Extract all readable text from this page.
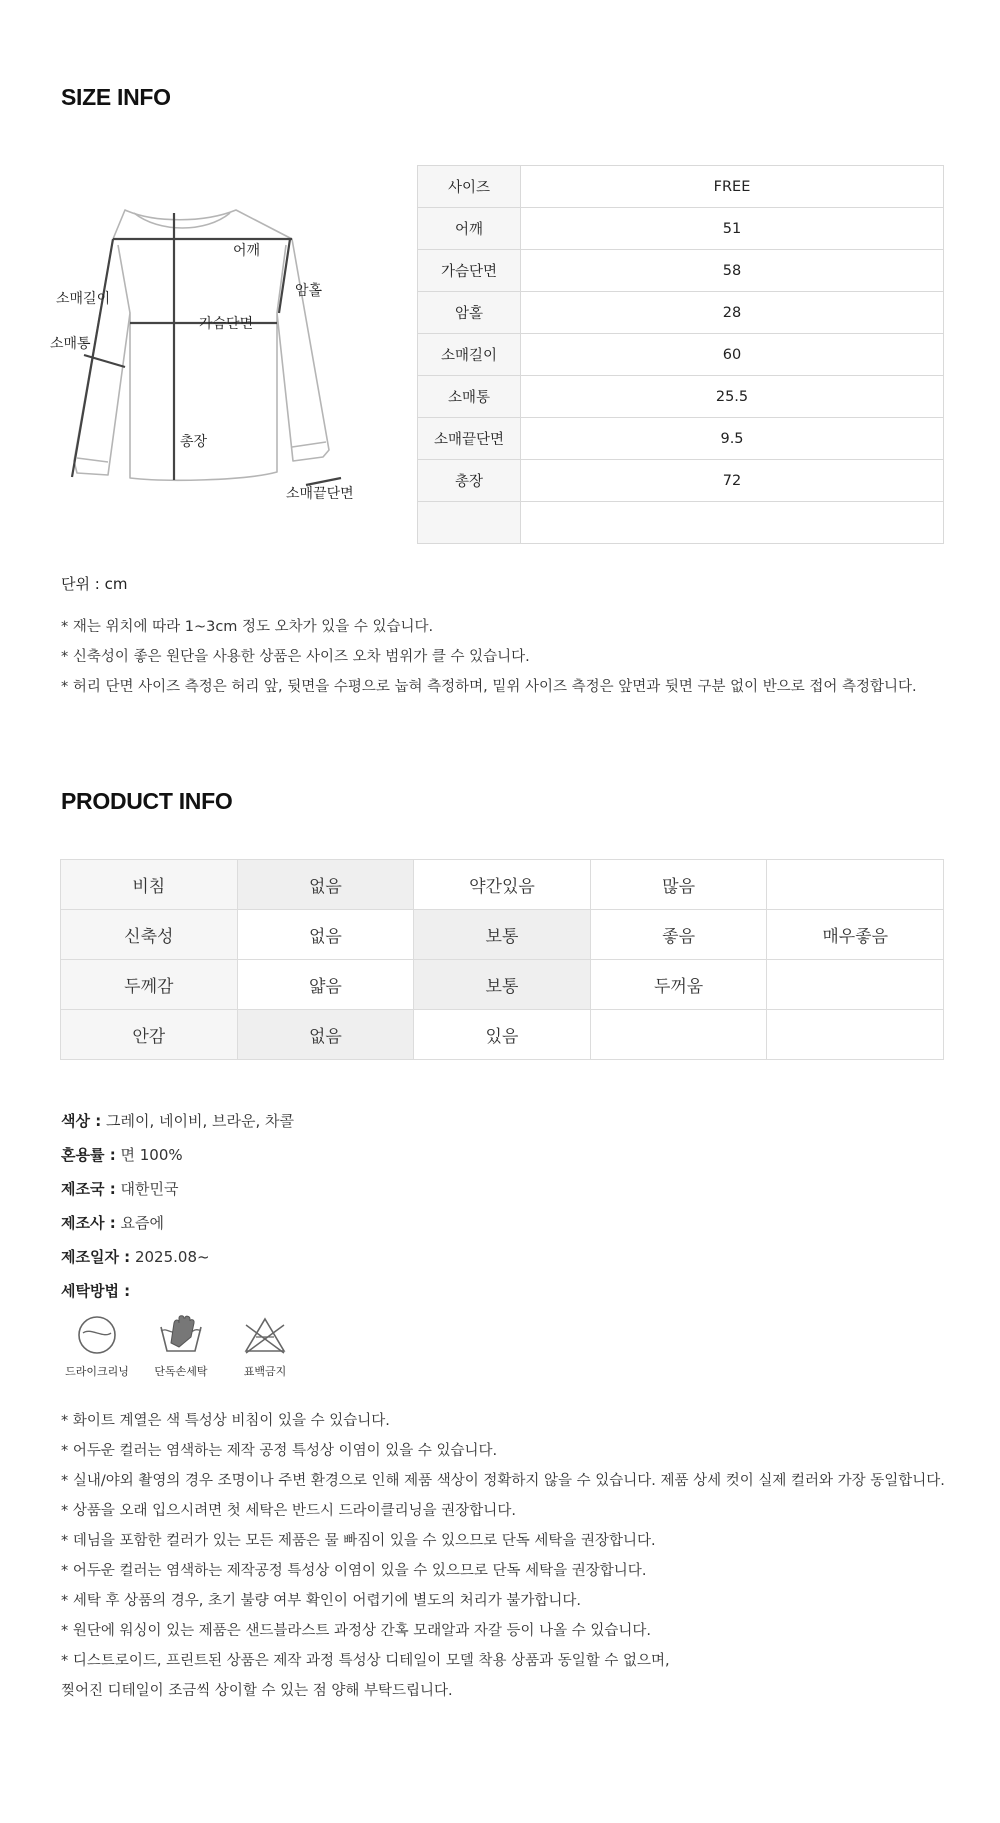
SIZE INFO
어깨
암홀
소매길이
가슴단면
소매통
총장
소매끝단면
사이즈	FREE
어깨	51
가슴단면	58
암홀	28
소매길이	60
소매통	25.5
소매끝단면	9.5
총장	72

단위 : cm
* 재는 위치에 따라 1~3cm 정도 오차가 있을 수 있습니다.
* 신축성이 좋은 원단을 사용한 상품은 사이즈 오차 범위가 클 수 있습니다.
* 허리 단면 사이즈 측정은 허리 앞, 뒷면을 수평으로 눕혀 측정하며, 밑위 사이즈 측정은 앞면과 뒷면 구분 없이 반으로 접어 측정합니다.
PRODUCT INFO
비침	없음	약간있음	많음	
신축성	없음	보통	좋음	매우좋음
두께감	얇음	보통	두꺼움	
안감	없음	있음		
색상 : 그레이, 네이비, 브라운, 차콜
혼용률 : 면 100%
제조국 : 대한민국
제조사 : 요즘에
제조일자 : 2025.08~
세탁방법 :
드라이크리닝	단독손세탁	표백금지
* 화이트 계열은 색 특성상 비침이 있을 수 있습니다.
* 어두운 컬러는 염색하는 제작 공정 특성상 이염이 있을 수 있습니다.
* 실내/야외 촬영의 경우 조명이나 주변 환경으로 인해 제품 색상이 정확하지 않을 수 있습니다. 제품 상세 컷이 실제 컬러와 가장 동일합니다.
* 상품을 오래 입으시려면 첫 세탁은 반드시 드라이클리닝을 권장합니다.
* 데님을 포함한 컬러가 있는 모든 제품은 물 빠짐이 있을 수 있으므로 단독 세탁을 권장합니다.
* 어두운 컬러는 염색하는 제작공정 특성상 이염이 있을 수 있으므로 단독 세탁을 권장합니다.
* 세탁 후 상품의 경우, 초기 불량 여부 확인이 어렵기에 별도의 처리가 불가합니다.
* 원단에 워싱이 있는 제품은 샌드블라스트 과정상 간혹 모래알과 자갈 등이 나올 수 있습니다.
* 디스트로이드, 프린트된 상품은 제작 과정 특성상 디테일이 모델 착용 상품과 동일할 수 없으며,
찢어진 디테일이 조금씩 상이할 수 있는 점 양해 부탁드립니다.
